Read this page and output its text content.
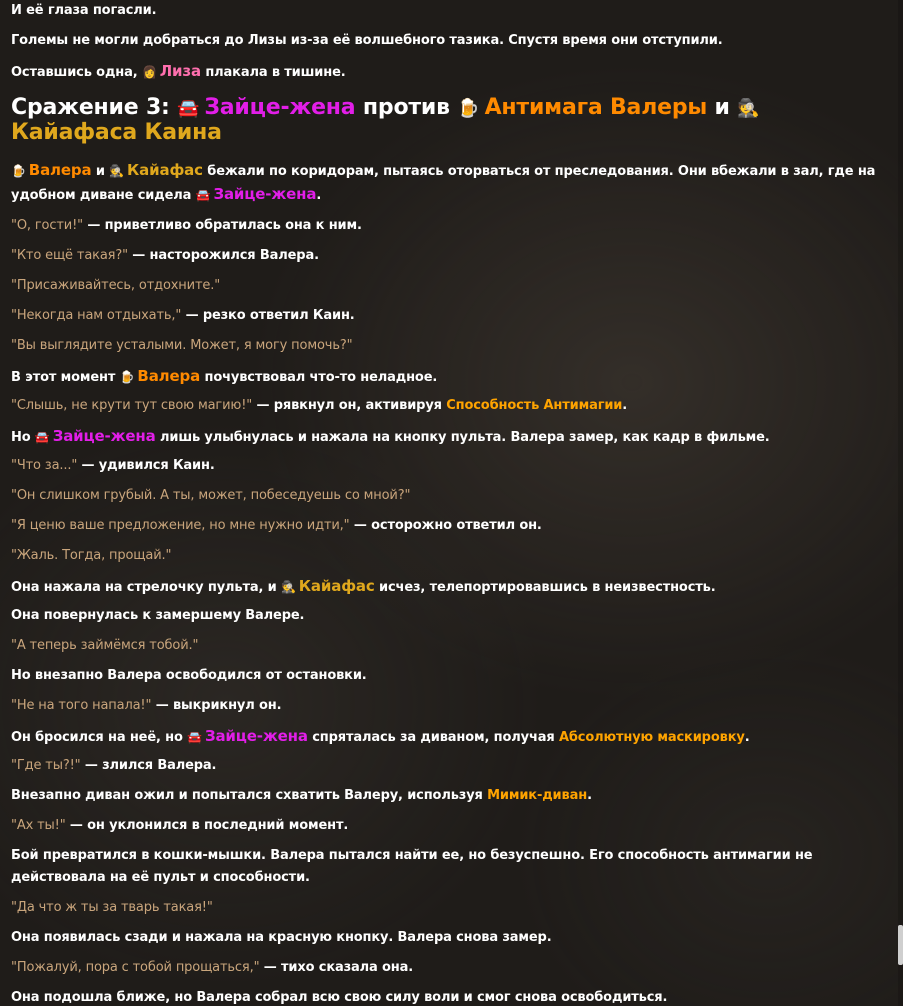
И её глаза погасли.

Големы не могли добраться до Лизы из-за её волшебного тазика. Спустя время они отступили.

Оставшись одна, 👩 Лиза плакала в тишине.

Сражение 3: 🚘 Зайце-жена против 🍺 Антимага Валеры и 🕵Кайафаса Каина

🍺 Валера и 🕵 Кайафас бежали по коридорам, пытаясь оторваться от преследования. Они вбежали в зал, где на удобном диване сидела 🚘 Зайце-жена.

"О, гости!" — приветливо обратилась она к ним.

"Кто ещё такая?" — насторожился Валера.

"Присаживайтесь, отдохните."

"Некогда нам отдыхать," — резко ответил Каин.

"Вы выглядите усталыми. Может, я могу помочь?"

В этот момент 🍺 Валера почувствовал что-то неладное.

"Слышь, не крути тут свою магию!" — рявкнул он, активируя Способность Антимагии.

Но 🚘 Зайце-жена лишь улыбнулась и нажала на кнопку пульта. Валера замер, как кадр в фильме.

"Что за..." — удивился Каин.

"Он слишком грубый. А ты, может, побеседуешь со мной?"

"Я ценю ваше предложение, но мне нужно идти," — осторожно ответил он.

"Жаль. Тогда, прощай."

Она нажала на стрелочку пульта, и 🕵 Кайафас исчез, телепортировавшись в неизвестность.

Она повернулась к замершему Валере.

"А теперь займёмся тобой."

Но внезапно Валера освободился от остановки.

"Не на того напала!" — выкрикнул он.

Он бросился на неё, но 🚘 Зайце-жена спряталась за диваном, получая Абсолютную маскировку.

"Где ты?!" — злился Валера.

Внезапно диван ожил и попытался схватить Валеру, используя Мимик-диван.

"Ах ты!" — он уклонился в последний момент.

Бой превратился в кошки-мышки. Валера пытался найти ее, но безуспешно. Его способность антимагии не действовала на её пульт и способности.

"Да что ж ты за тварь такая!"

Она появилась сзади и нажала на красную кнопку. Валера снова замер.

"Пожалуй, пора с тобой прощаться," — тихо сказала она.

Она подошла ближе, но Валера собрал всю свою силу воли и смог снова освободиться.
